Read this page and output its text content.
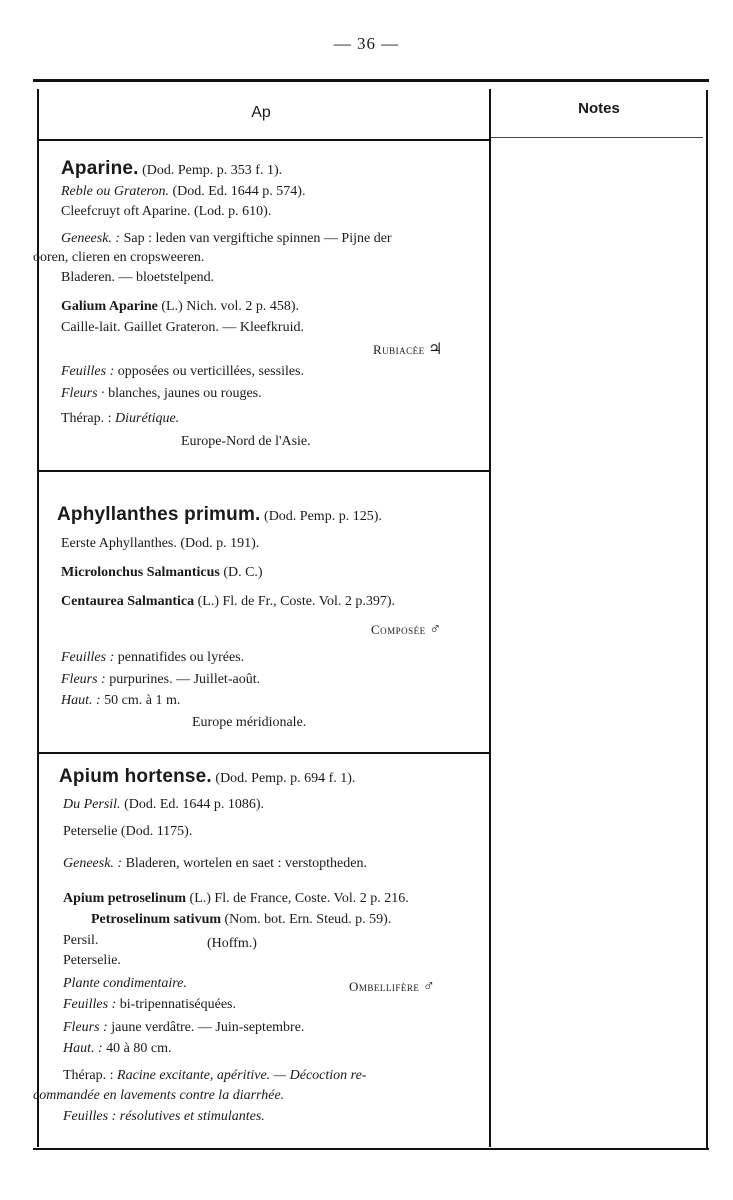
— 36 —
Ap	Notes
Aparine. (Dod. Pemp. p. 353 f. 1).
Reble ou Grateron. (Dod. Ed. 1644 p. 574).
Cleefcruyt oft Aparine. (Lod. p. 610).
Geneesk. : Sap : leden van vergiftiche spinnen — Pijne der
ooren, clieren en cropsweeren.
Bladeren. — bloetstelpend.
Galium Aparine (L.) Nich. vol. 2 p. 458).
Caille-lait. Gaillet Grateron. — Kleefkruid.
Rubiacée ♃
Feuilles : opposées ou verticillées, sessiles.
Fleurs · blanches, jaunes ou rouges.
Thérap. : Diurétique.
Europe-Nord de l'Asie.
Aphyllanthes primum. (Dod. Pemp. p. 125).
Eerste Aphyllanthes. (Dod. p. 191).
Microlonchus Salmanticus (D. C.)
Centaurea Salmantica (L.) Fl. de Fr., Coste. Vol. 2 p.397).
Composée ♂
Feuilles : pennatifides ou lyrées.
Fleurs : purpurines. — Juillet-août.
Haut. : 50 cm. à 1 m.
Europe méridionale.
Apium hortense. (Dod. Pemp. p. 694 f. 1).
Du Persil. (Dod. Ed. 1644 p. 1086).
Peterselie (Dod. 1175).
Geneesk. : Bladeren, wortelen en saet : verstoptheden.
Apium petroselinum (L.) Fl. de France, Coste. Vol. 2 p. 216.
Petroselinum sativum (Nom. bot. Ern. Steud. p. 59).
Persil.	(Hoffm.)
Peterselie.
Plante condimentaire.	Ombellifère ♂
Feuilles : bi-tripennatiséquées.
Fleurs : jaune verdâtre. — Juin-septembre.
Haut. : 40 à 80 cm.
Thérap. : Racine excitante, apéritive. — Décoction re-
commandée en lavements contre la diarrhée.
Feuilles : résolutives et stimulantes.
